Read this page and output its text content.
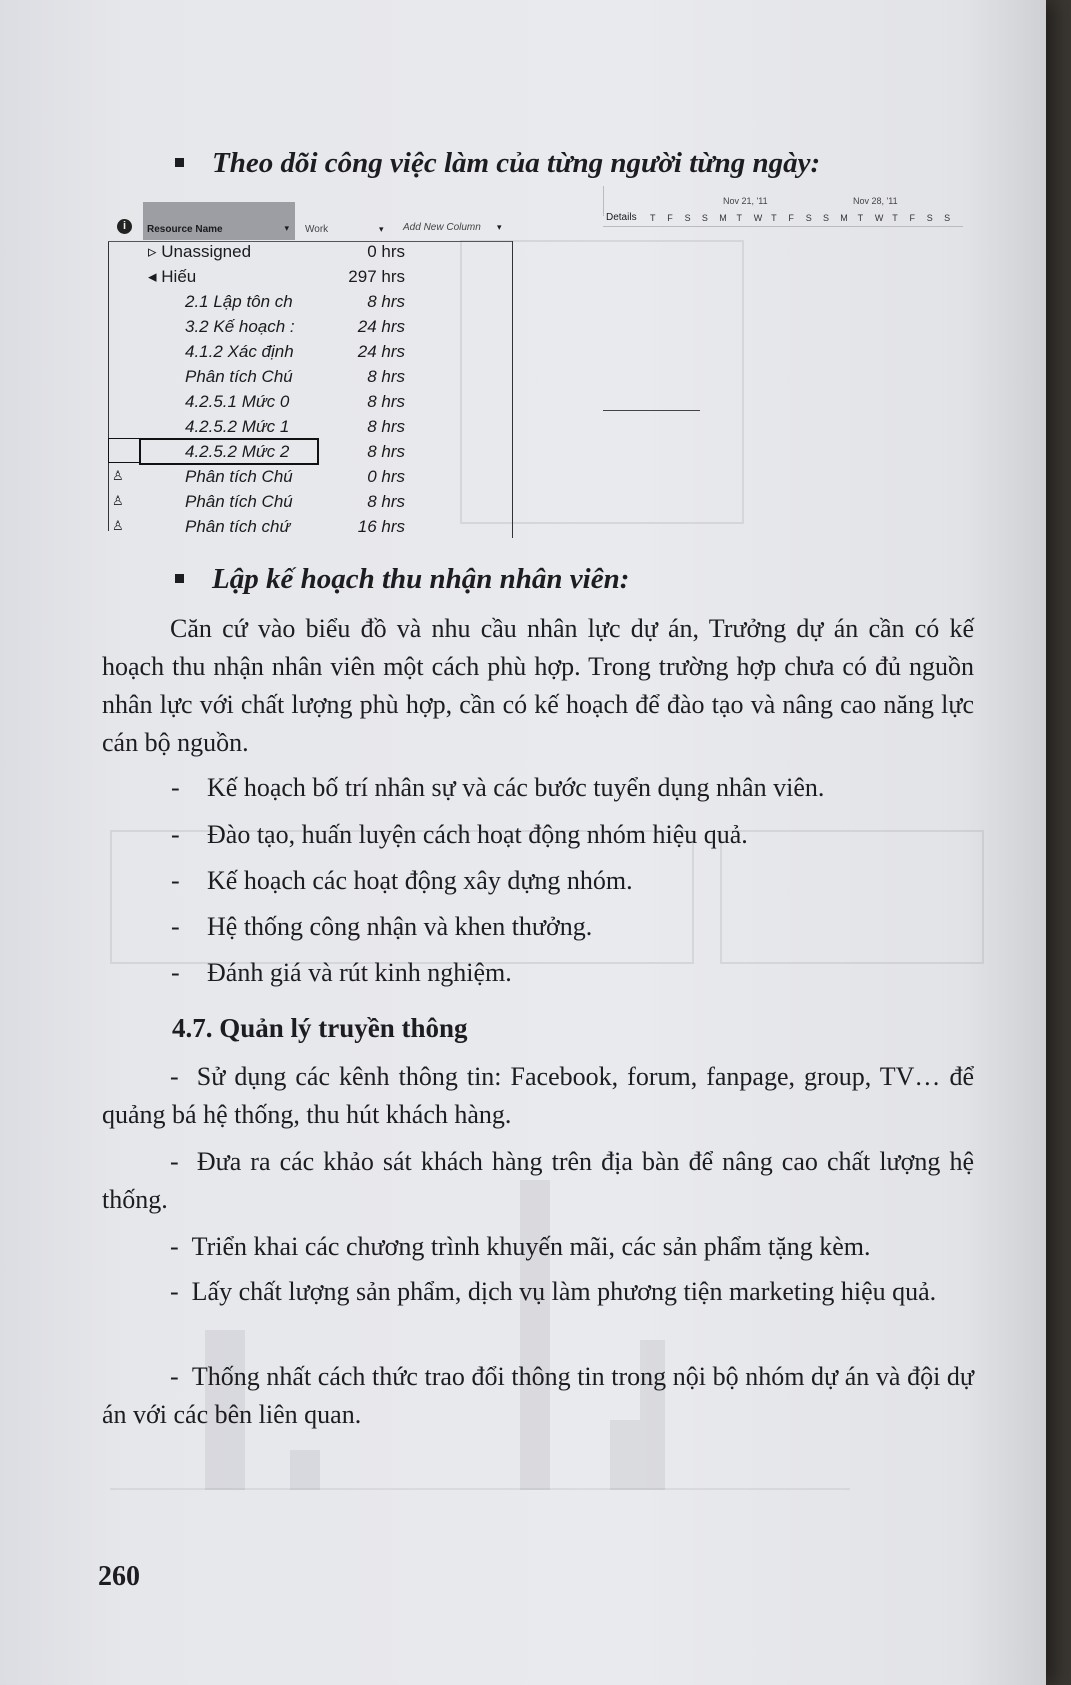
Theo dõi công việc làm của từng người từng ngày:
i	Resource Name	▾ Work	▾ Add New Column ▾
▹ Unassigned	0 hrs
◂ Hiếu	297 hrs
2.1 Lập tôn ch	8 hrs
3.2 Kế hoạch :	24 hrs
4.1.2 Xác định	24 hrs
Phân tích Chú	8 hrs
4.2.5.1 Mức 0	8 hrs
4.2.5.2 Mức 1	8 hrs
4.2.5.2 Mức 2	8 hrs
♙	Phân tích Chú	0 hrs
♙	Phân tích Chú	8 hrs
♙	Phân tích chứ	16 hrs
Details
Nov 21, '11	Nov 28, '11
T F S S M T W T F S S M T W T F S S
Lập kế hoạch thu nhận nhân viên:
Căn cứ vào biểu đồ và nhu cầu nhân lực dự án, Trưởng dự án cần có kế hoạch thu nhận nhân viên một cách phù hợp. Trong trường hợp chưa có đủ nguồn nhân lực với chất lượng phù hợp, cần có kế hoạch để đào tạo và nâng cao năng lực cán bộ nguồn.
- Kế hoạch bố trí nhân sự và các bước tuyển dụng nhân viên.
- Đào tạo, huấn luyện cách hoạt động nhóm hiệu quả.
- Kế hoạch các hoạt động xây dựng nhóm.
- Hệ thống công nhận và khen thưởng.
- Đánh giá và rút kinh nghiệm.
4.7. Quản lý truyền thông
- Sử dụng các kênh thông tin: Facebook, forum, fanpage, group, TV… để quảng bá hệ thống, thu hút khách hàng.
- Đưa ra các khảo sát khách hàng trên địa bàn để nâng cao chất lượng hệ thống.
- Triển khai các chương trình khuyến mãi, các sản phẩm tặng kèm.
- Lấy chất lượng sản phẩm, dịch vụ làm phương tiện marketing hiệu quả.
- Thống nhất cách thức trao đổi thông tin trong nội bộ nhóm dự án và đội dự án với các bên liên quan.
260
